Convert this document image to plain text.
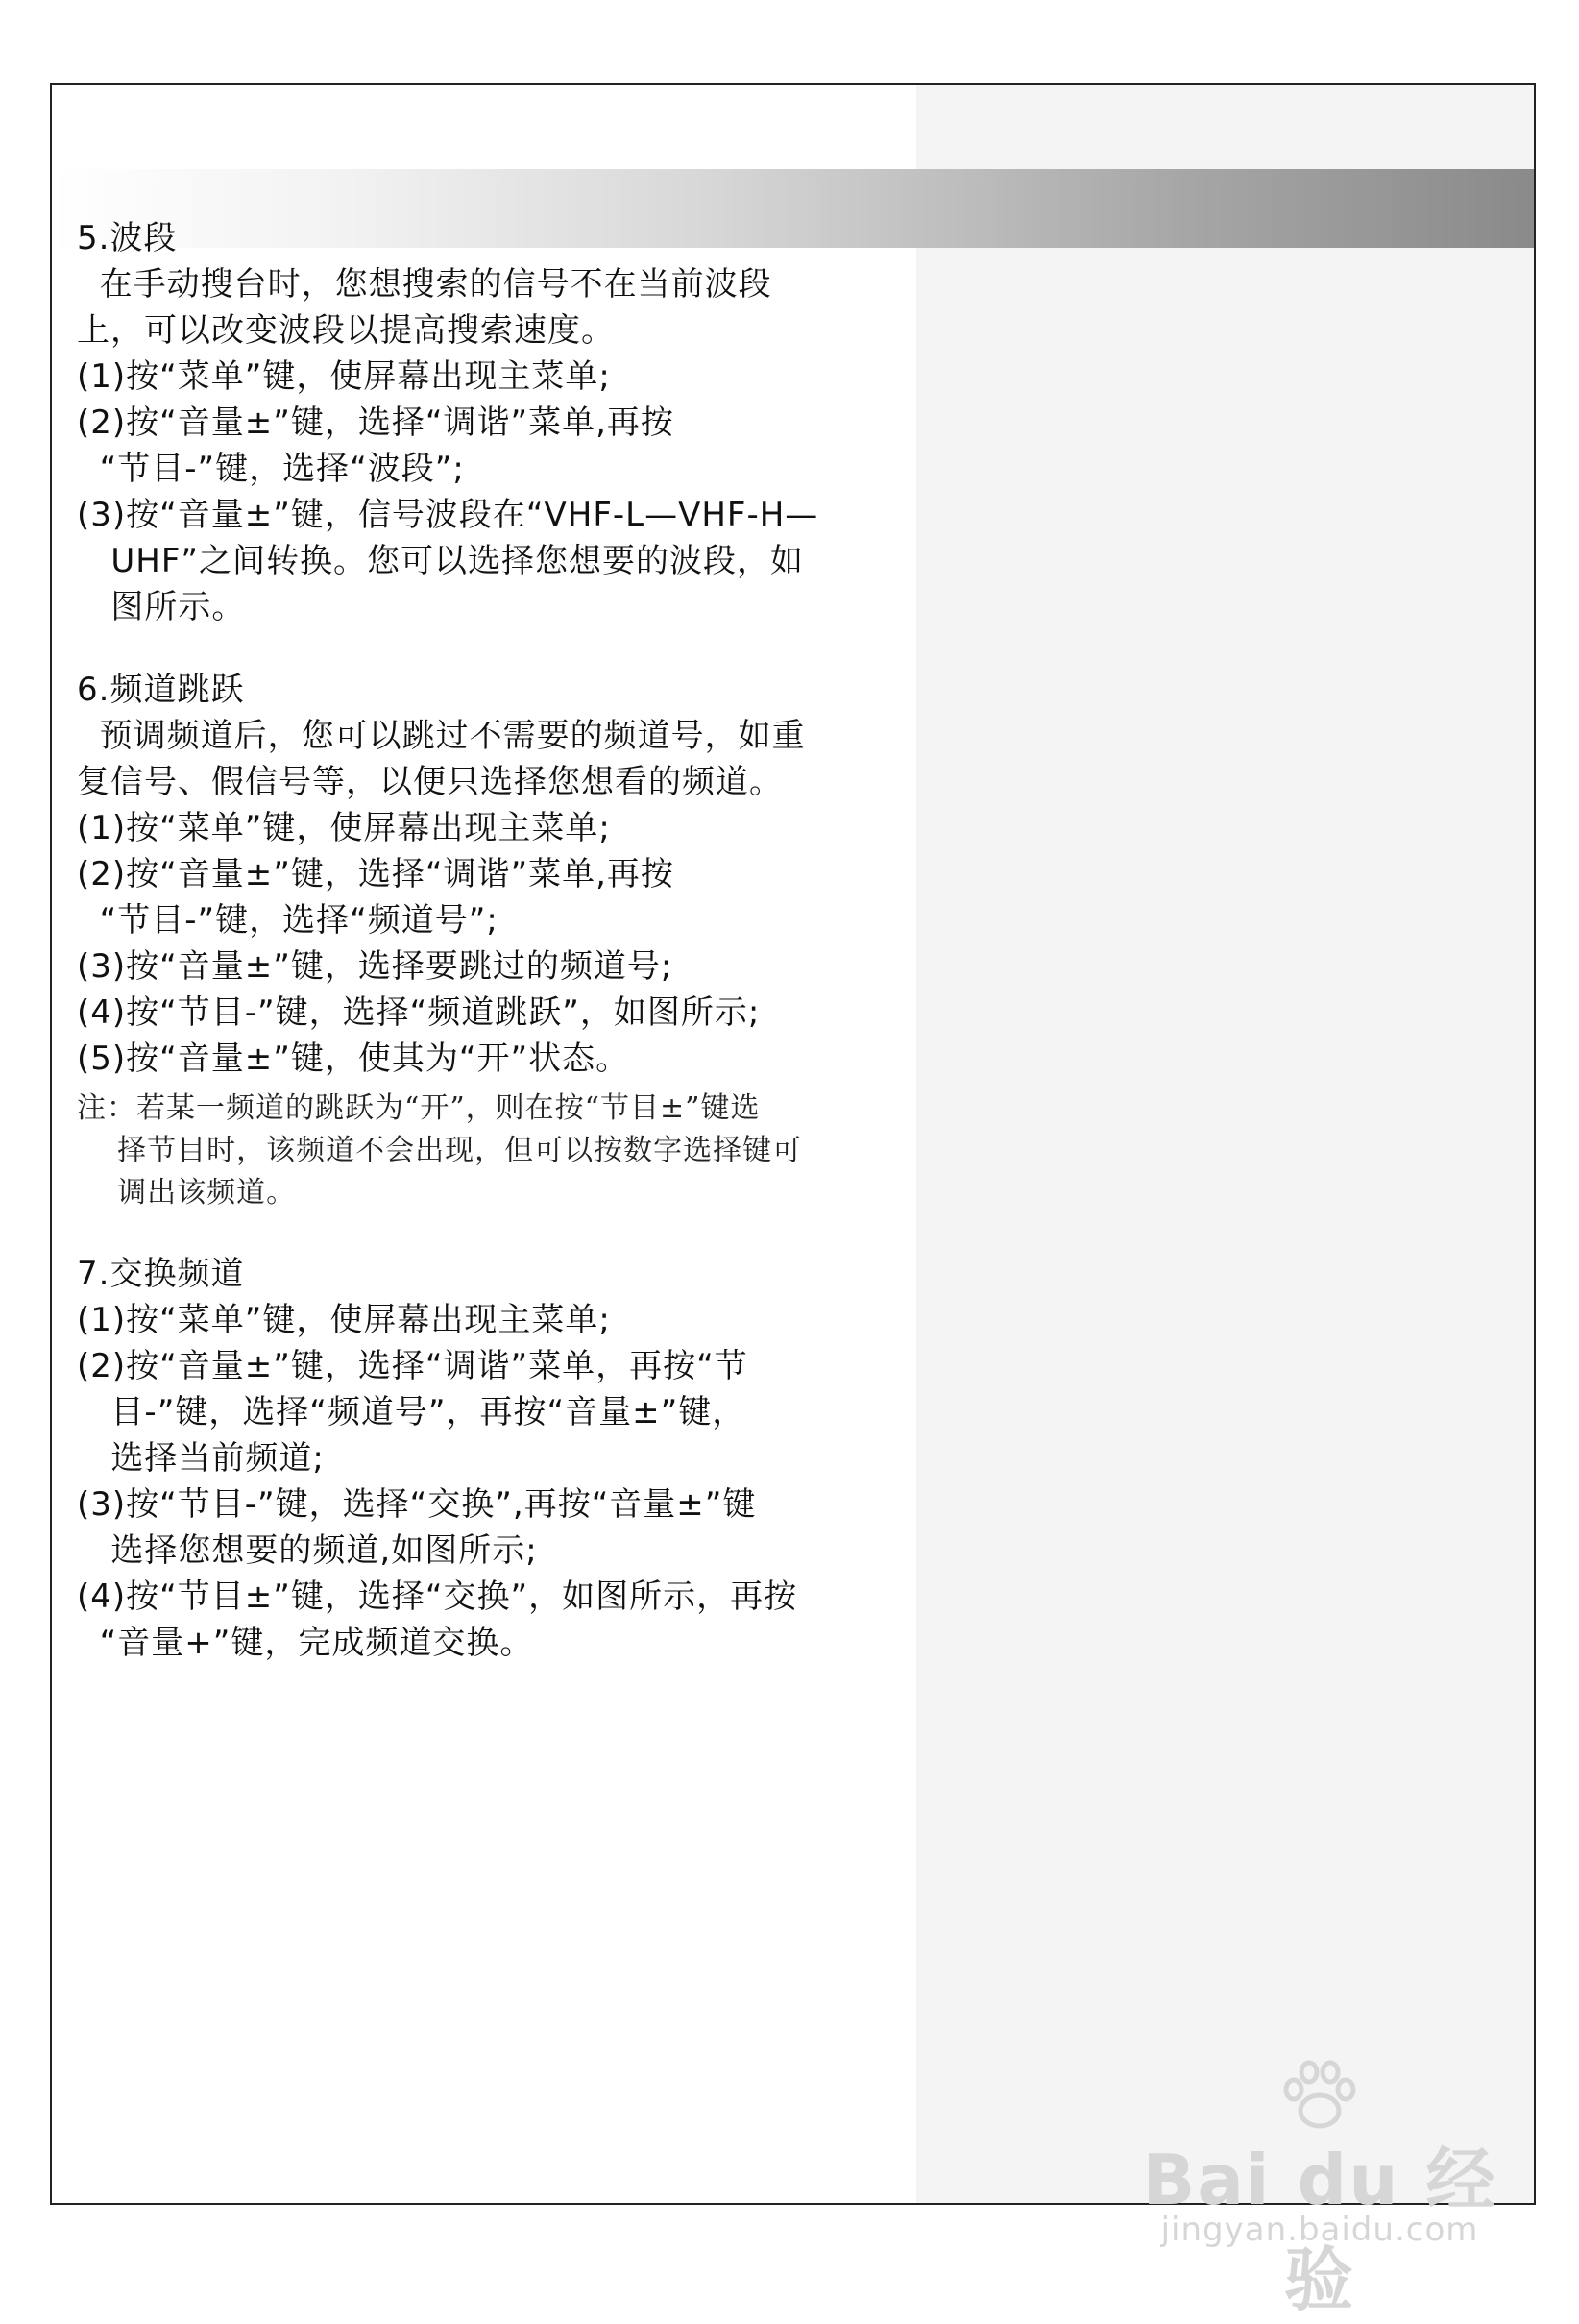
5.波段

在手动搜台时，您想搜索的信号不在当前波段

上，可以改变波段以提高搜索速度。

(1)按“菜单”键，使屏幕出现主菜单;

(2)按“音量±”键，选择“调谐”菜单,再按

“节目-”键，选择“波段”;

(3)按“音量±”键，信号波段在“VHF-L—VHF-H—

UHF”之间转换。您可以选择您想要的波段，如

图所示。

6.频道跳跃

预调频道后，您可以跳过不需要的频道号，如重

复信号、假信号等，以便只选择您想看的频道。

(1)按“菜单”键，使屏幕出现主菜单;

(2)按“音量±”键，选择“调谐”菜单,再按

“节目-”键，选择“频道号”;

(3)按“音量±”键，选择要跳过的频道号;

(4)按“节目-”键，选择“频道跳跃”，如图所示;

(5)按“音量±”键，使其为“开”状态。

注：若某一频道的跳跃为“开”，则在按“节目±”键选

择节目时，该频道不会出现，但可以按数字选择键可

调出该频道。

7.交换频道

(1)按“菜单”键，使屏幕出现主菜单;

(2)按“音量±”键，选择“调谐”菜单，再按“节

目-”键，选择“频道号”，再按“音量±”键，

选择当前频道;

(3)按“节目-”键，选择“交换”,再按“音量±”键

选择您想要的频道,如图所示;

(4)按“节目±”键，选择“交换”，如图所示，再按

“音量+”键，完成频道交换。

Bai du 经验
jingyan.baidu.com
